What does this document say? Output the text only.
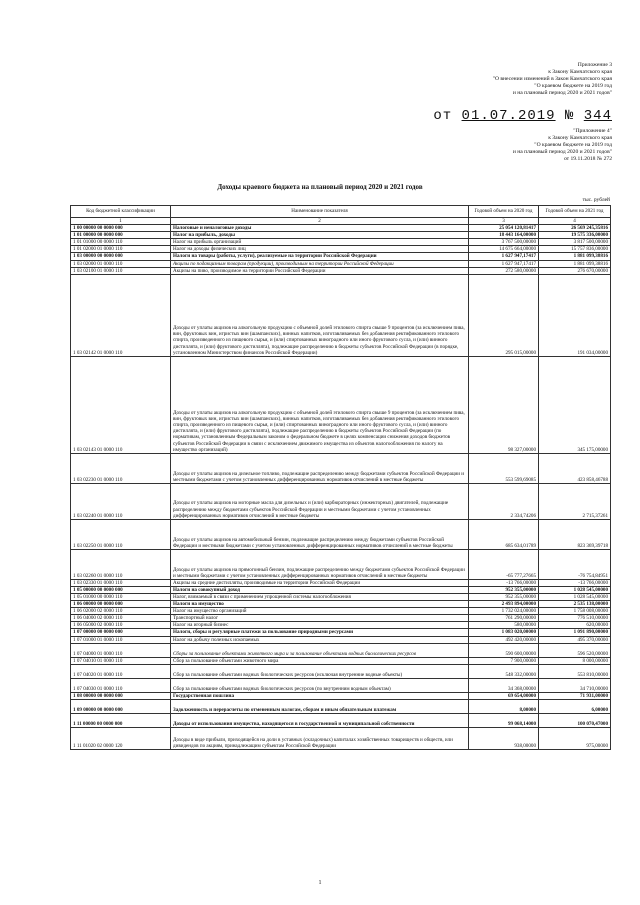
Приложение 3
к Закону Камчатского края
"О внесении изменений в Закон Камчатского края
"О краевом бюджете на 2019 год
и на плановый период 2020 и 2021 годов"
от 01.07.2019 № 344
"Приложение 4"
к Закону Камчатского края
"О краевом бюджете на 2019 год
и на плановый период 2020 и 2021 годов"
от 19.11.2018 № 272
Доходы краевого бюджета на плановый период 2020 и 2021 годов
тыс. рублей
Код бюджетной классификации	Наименование показателя	Годовой объем на 2020 год	Годовой объем на 2021 год
1	2	3	4
1 00 00000 00 0000 000	Налоговые и неналоговые доходы	25 054 120,81417	26 569 245,35816
1 01 00000 00 0000 000	Налог на прибыль, доходы	18 443 164,00000	19 575 336,00000
1 01 01000 00 0000 110	Налог на прибыль организаций	3 767 500,00000	3 817 500,00000
1 01 02000 01 0000 110	Налог на доходы физических лиц	14 675 664,00000	15 757 836,00000
1 03 00000 00 0000 000	Налоги на товары (работы, услуги), реализуемые на территории Российской Федерации	1 627 947,17417	1 881 099,38816
1 03 02000 01 0000 110	Акцизы по подакцизным товарам (продукции), производимым на территории Российской Федерации	1 627 947,17417	1 881 099,38816
1 03 02100 01 0000 110	Акцизы на пиво, производимое на территории Российской Федерации	272 580,00000	276 670,00000
1 03 02142 01 0000 110	Доходы от уплаты акцизов на алкогольную продукцию с объемной долей этилового спирта свыше 9 процентов (за исключением пива, вин, фруктовых вин, игристых вин (шампанских), винных напитков, изготавливаемых без добавления ректификованного этилового спирта, произведенного из пищевого сырья, и (или) спиртованных виноградного или иного фруктового сусла, и (или) винного дистиллята, и (или) фруктового дистиллята), подлежащие распределению в бюджеты субъектов Российской Федерации (в порядке, установленном Министерством финансов Российской Федерации)	295 015,00000	191 034,00000
1 03 02143 01 0000 110	Доходы от уплаты акцизов на алкогольную продукцию с объемной долей этилового спирта свыше 9 процентов (за исключением пива, вин, фруктовых вин, игристых вин (шампанских), винных напитков, изготавливаемых без добавления ректификованного этилового спирта, произведенного из пищевого сырья, и (или) спиртованных виноградного или иного фруктового сусла, и (или) винного дистиллята, и (или) фруктового дистиллята), подлежащие распределению в бюджеты субъектов Российской Федерации (по нормативам, установленным Федеральным законом о федеральном бюджете в целях компенсации снижения доходов бюджетов субъектов Российской Федерации в связи с исключением движимого имущества из объектов налогообложения по налогу на имущество организаций)	98 327,00000	345 175,00000
1 03 02230 01 0000 110	Доходы от уплаты акцизов на дизельное топливо, подлежащие распределению между бюджетами субъектов Российской Федерации и местными бюджетами с учетом установленных дифференцированных нормативов отчислений в местные бюджеты	553 599,69085	423 858,46788
1 03 02240 01 0000 110	Доходы от уплаты акцизов на моторные масла для дизельных и (или) карбюраторных (инжекторных) двигателей, подлежащие распределению между бюджетами субъектов Российской Федерации и местными бюджетами с учетом установленных дифференцированных нормативов отчислений в местные бюджеты	2 334,74206	2 715,37261
1 03 02250 01 0000 110	Доходы от уплаты акцизов на автомобильный бензин, подлежащие распределению между бюджетами субъектов Российской Федерации и местными бюджетами с учетом установленных дифференцированных нормативов отчислений в местные бюджеты	685 634,01789	823 369,39718
1 03 02260 01 0000 110	Доходы от уплаты акцизов на прямогонный бензин, подлежащие распределению между бюджетами субъектов Российской Федерации и местными бюджетами с учетом установленных дифференцированных нормативов отчислений в местные бюджеты	-65 777,27665	-76 754,84951
1 03 02330 01 0000 110	Акцизы на средние дистилляты, производимые на территории Российской Федерации	-13 766,00000	-13 766,00000
1 05 00000 00 0000 000	Налоги на совокупный доход	952 355,00000	1 028 545,00000
1 05 01000 00 0000 110	Налог, взимаемый в связи с применением упрощенной системы налогообложения	952 355,00000	1 028 545,00000
1 06 00000 00 0000 000	Налоги на имущество	2 493 894,00000	2 535 138,00000
1 06 02000 02 0000 110	Налог на имущество организаций	1 732 024,00000	1 758 008,00000
1 06 04000 02 0000 110	Транспортный налог	761 290,00000	776 510,00000
1 06 05000 02 0000 110	Налог на игорный бизнес	580,00000	620,00000
1 07 00000 00 0000 000	Налоги, сборы и регулярные платежи за пользование природными ресурсами	1 083 020,00000	1 091 890,00000
1 07 01000 01 0000 110	Налог на добычу полезных ископаемых	492 420,00000	495 370,00000
1 07 04000 01 0000 110	Сборы за пользование объектами животного мира и за пользование объектами водных биологических ресурсов	590 600,00000	596 520,00000
1 07 04010 01 0000 110	Сбор за пользование объектами животного мира	7 900,00000	8 000,00000
1 07 04020 01 0000 110	Сбор за пользование объектами водных биологических ресурсов (исключая внутренние водные объекты)	548 332,00000	553 810,00000
1 07 04030 01 0000 110	Сбор за пользование объектами водных биологических ресурсов (по внутренним водным объектам)	34 368,00000	34 710,00000
1 08 00000 00 0000 000	Государственная пошлина	69 654,00000	71 931,00000
1 09 00000 00 0000 000	Задолженность и перерасчеты по отмененным налогам, сборам и иным обязательным платежам	8,00000	6,00000
1 11 00000 00 0000 000	Доходы от использования имущества, находящегося в государственной и муниципальной собственности	99 068,14000	100 070,47000
1 11 01020 02 0000 120	Доходы в виде прибыли, приходящейся на доли в уставных (складочных) капиталах хозяйственных товариществ и обществ, или дивидендов по акциям, принадлежащим субъектам Российской Федерации	938,00000	975,00000
1
